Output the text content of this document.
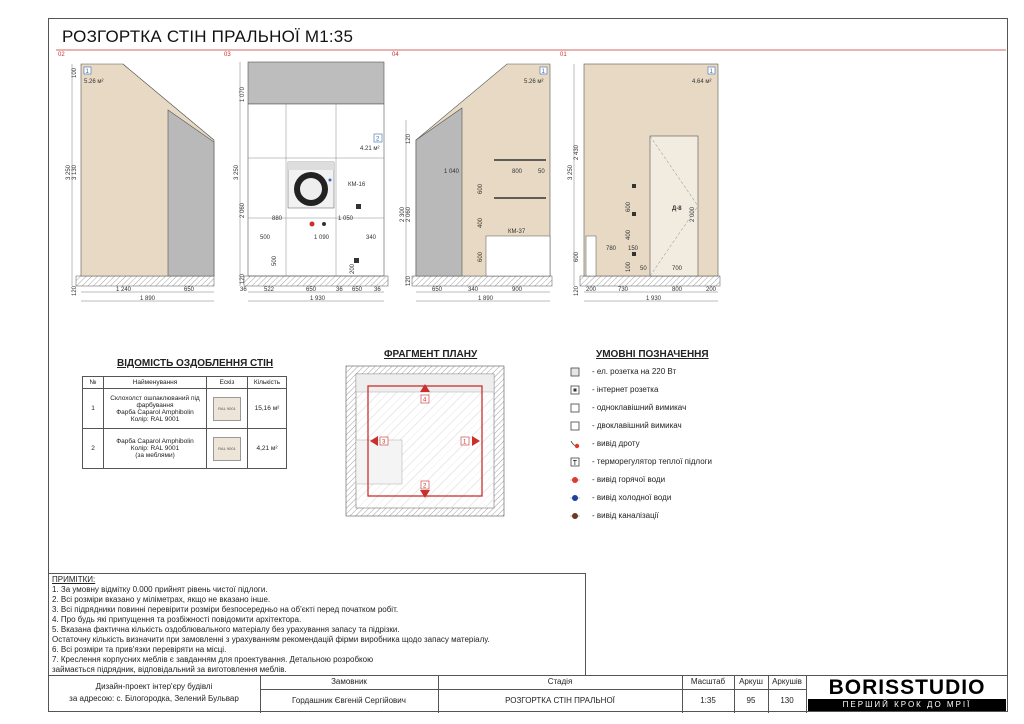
РОЗГОРТКА СТІН ПРАЛЬНОЇ М1:35
02	03	04	01
1
5.26 м²
1 240	650
1 890
3 250 3 130
100
120
КМ-16
2
4.21 м²
880	1 050
1 090
500	340
500
200
36	522	650	36 650 36
1 930
3 250
1 070
2 060
120
КМ-37
1
5.26 м²
1 040	800	50
600
400
600
650	340	900
1 890
2 300 2 060
120
120
Д-8 2 000
1
4.64 м²
780 150
700
50
600
400
100
200	730	800	200
1 930
3 250
2 430
600
120
4
1
3
2
ВІДОМІСТЬ ОЗДОБЛЕННЯ СТІН
№	Найменування	Ескіз	Кількість
1	Склохолст ошпаклюваний під фарбування
Фарба Caparol Amphibolin
Колір: RAL 9001	RAL 9001	15,16 м²
2	Фарба Caparol Amphibolin
Колір: RAL 9001
(за меблями)	RAL 9001	4,21 м²
ФРАГМЕНТ ПЛАНУ	УМОВНІ ПОЗНАЧЕННЯ
- ел. розетка на 220 Вт
- інтернет розетка
- одноклавішний вимикач
- двоклавішний вимикач
- вивід дроту
T - терморегулятор теплої підлоги
- вивід горячої води
- вивід холодної води
- вивід каналізації
ПРИМІТКИ:
1. За умовну відмітку 0.000 прийнят рівень чистої підлоги.
2. Всі розміри вказано у міліметрах, якщо не вказано інше.
3. Всі підрядники повинні перевірити розміри безпосередньо на об'єкті перед початком робіт.
4. Про будь які припущення та розбіжності повідомити архітектора.
5. Вказана фактична кількість оздоблювального матеріалу без урахування запасу та підрізки.
Остаточну кількість визначити при замовленні з урахуванням рекомендацій фірми виробника щодо запасу матеріалу.
6. Всі розміри та прив'язки перевіряти на місці.
7. Креслення корпусних меблів є завданням для проектування. Детальною розробкою
займається підрядник, відповідальний за виготовлення меблів.
Дизайн-проект інтер'єру будівлі
за адресою: с. Білогородка, Зелений Бульвар
Замовник
Гордашник Євгеній Сергійович
Стадія
РОЗГОРТКА СТІН ПРАЛЬНОЇ
Масштаб
1:35
Аркуш
95
Аркушів
130
BORISSTUDIO
ПЕРШИЙ КРОК ДО МРІЇ
